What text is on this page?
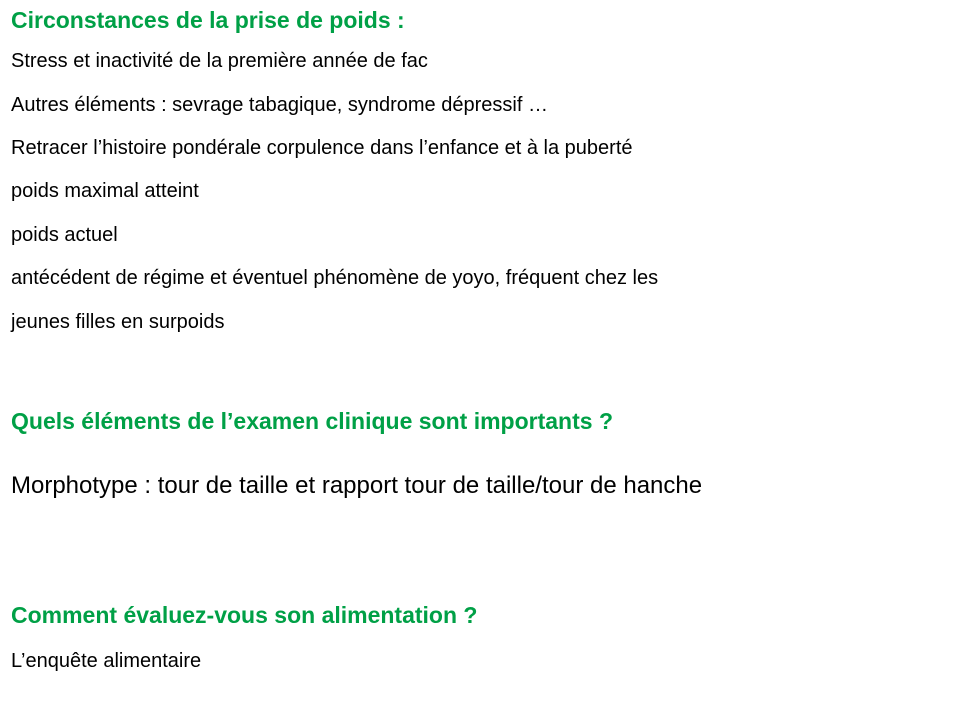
Circonstances de la prise de poids :

Stress et inactivité de la première année de fac

Autres éléments : sevrage tabagique, syndrome dépressif …

Retracer l’histoire pondérale corpulence dans l’enfance et à la puberté

poids maximal atteint

poids actuel

antécédent de régime et éventuel phénomène de yoyo, fréquent chez les

jeunes filles en surpoids

Quels éléments de l’examen clinique sont importants ?

Morphotype : tour de taille et rapport tour de taille/tour de hanche

Comment évaluez-vous son alimentation ?

L’enquête alimentaire
